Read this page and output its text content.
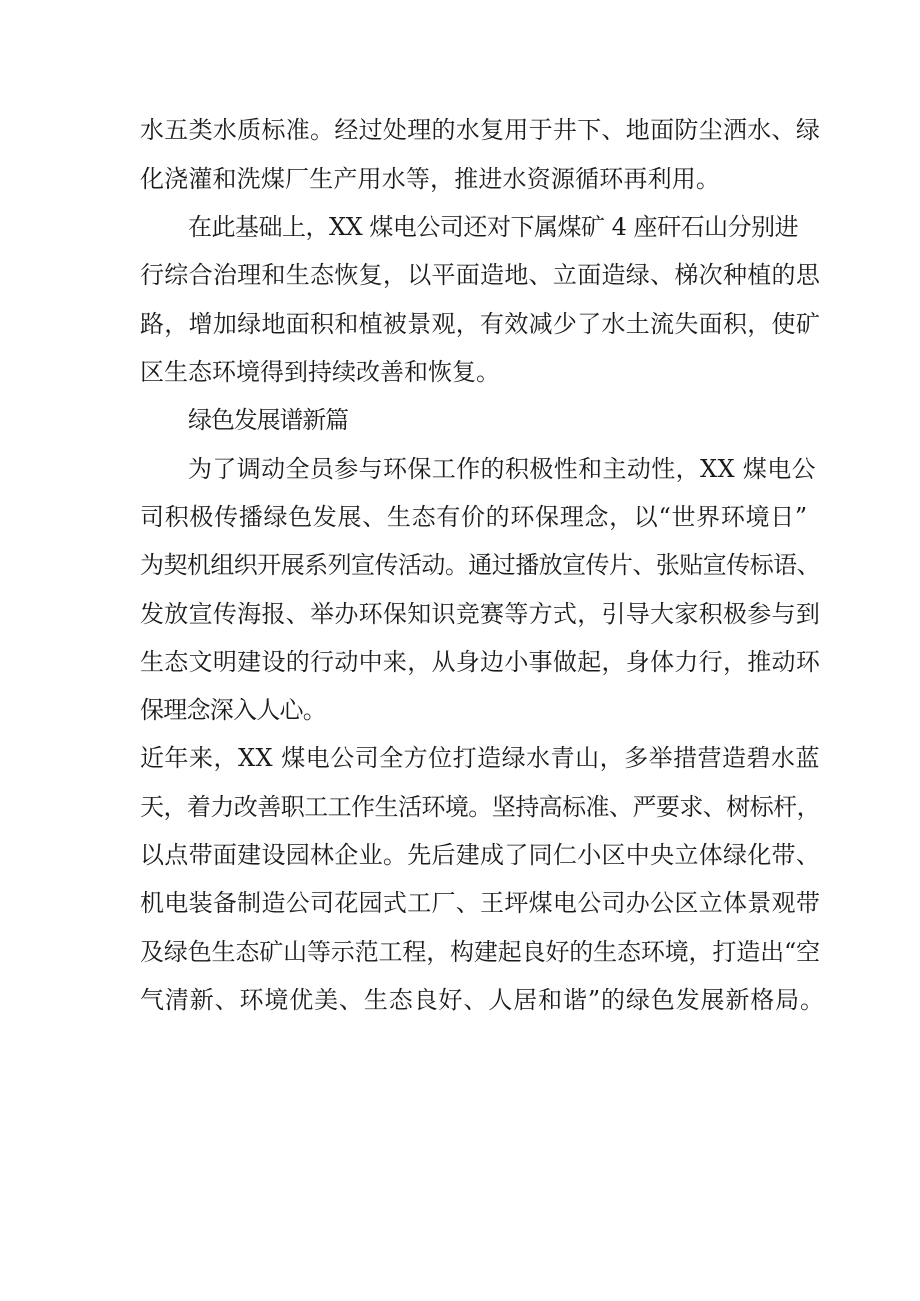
水五类水质标准。经过处理的水复用于井下、地面防尘洒水、绿

化浇灌和洗煤厂生产用水等，推进水资源循环再利用。

在此基础上，XX 煤电公司还对下属煤矿 4 座矸石山分别进

行综合治理和生态恢复，以平面造地、立面造绿、梯次种植的思

路，增加绿地面积和植被景观，有效减少了水土流失面积，使矿

区生态环境得到持续改善和恢复。

绿色发展谱新篇

为了调动全员参与环保工作的积极性和主动性，XX 煤电公

司积极传播绿色发展、生态有价的环保理念，以“世界环境日”

为契机组织开展系列宣传活动。通过播放宣传片、张贴宣传标语、

发放宣传海报、举办环保知识竞赛等方式，引导大家积极参与到

生态文明建设的行动中来，从身边小事做起，身体力行，推动环

保理念深入人心。

近年来，XX 煤电公司全方位打造绿水青山，多举措营造碧水蓝

天，着力改善职工工作生活环境。坚持高标准、严要求、树标杆，

以点带面建设园林企业。先后建成了同仁小区中央立体绿化带、

机电装备制造公司花园式工厂、王坪煤电公司办公区立体景观带

及绿色生态矿山等示范工程，构建起良好的生态环境，打造出“空

气清新、环境优美、生态良好、人居和谐”的绿色发展新格局。
